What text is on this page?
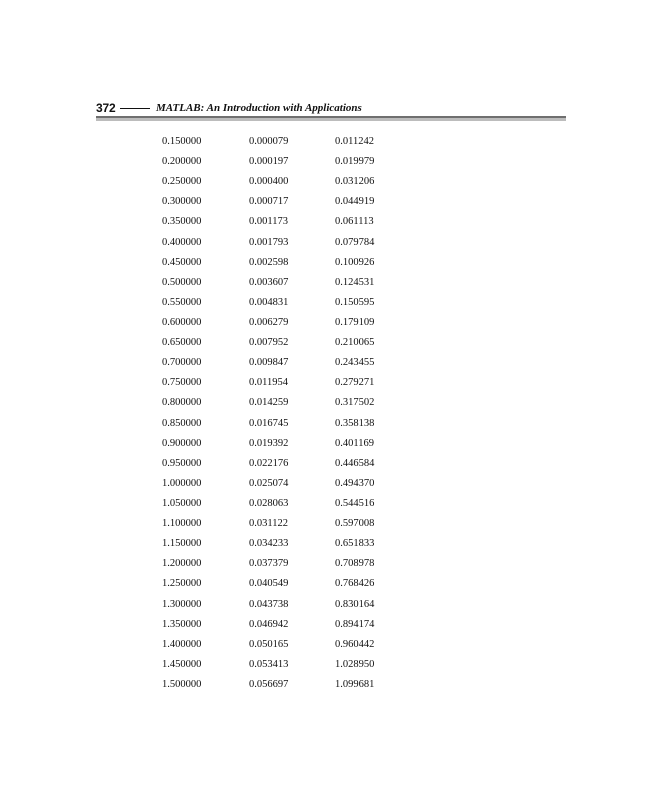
372	MATLAB: An Introduction with Applications
0.150000	0.000079	0.011242
0.200000	0.000197	0.019979
0.250000	0.000400	0.031206
0.300000	0.000717	0.044919
0.350000	0.001173	0.061113
0.400000	0.001793	0.079784
0.450000	0.002598	0.100926
0.500000	0.003607	0.124531
0.550000	0.004831	0.150595
0.600000	0.006279	0.179109
0.650000	0.007952	0.210065
0.700000	0.009847	0.243455
0.750000	0.011954	0.279271
0.800000	0.014259	0.317502
0.850000	0.016745	0.358138
0.900000	0.019392	0.401169
0.950000	0.022176	0.446584
1.000000	0.025074	0.494370
1.050000	0.028063	0.544516
1.100000	0.031122	0.597008
1.150000	0.034233	0.651833
1.200000	0.037379	0.708978
1.250000	0.040549	0.768426
1.300000	0.043738	0.830164
1.350000	0.046942	0.894174
1.400000	0.050165	0.960442
1.450000	0.053413	1.028950
1.500000	0.056697	1.099681
